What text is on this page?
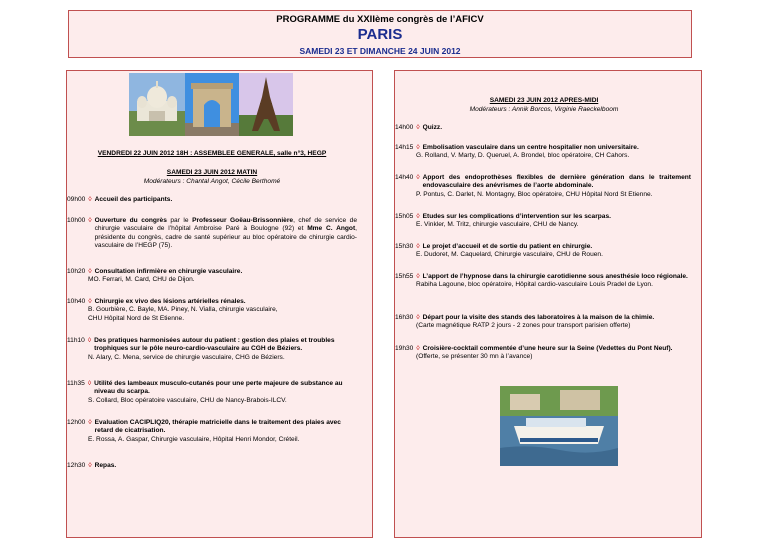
PROGRAMME du XXIIème congrès de l’AFICV
PARIS
SAMEDI 23 ET DIMANCHE 24 JUIN 2012
VENDREDI 22 JUIN 2012 18H : ASSEMBLEE GENERALE, salle n°3, HEGP
SAMEDI 23 JUIN 2012 MATIN
Modérateurs : Chantal Angot, Cécile Berthomé
09h00 ◊ Accueil des participants.
10h00 ◊ Ouverture du congrès par le Professeur Goëau-Brissonnière, chef de service de chirurgie vasculaire de l’hôpital Ambroise Paré à Boulogne (92) et Mme C. Angot, présidente du congrès, cadre de santé supérieur au bloc opératoire de chirurgie cardio-vasculaire de l’HEGP (75).
10h20 ◊ Consultation infirmière en chirurgie vasculaire.
MO. Ferrari, M. Card, CHU de Dijon.
10h40 ◊ Chirurgie ex vivo des lésions artérielles rénales.
B. Gourbière, C. Bayle, MA. Piney, N. Vialla, chirurgie vasculaire,
CHU Hôpital Nord de St Etienne.
11h10 ◊ Des pratiques harmonisées autour du patient : gestion des plaies et troubles trophiques sur le pôle neuro-cardio-vasculaire au CGH de Béziers.
N. Alary, C. Mena, service de chirurgie vasculaire, CHG de Béziers.
11h35 ◊ Utilité des lambeaux musculo-cutanés pour une perte majeure de substance au niveau du scarpa.
S. Collard, Bloc opératoire vasculaire, CHU de Nancy-Brabois-ILCV.
12h00 ◊ Evaluation CACIPLIQ20, thérapie matricielle dans le traitement des plaies avec retard de cicatrisation.
E. Rossa, A. Gaspar, Chirurgie vasculaire, Hôpital Henri Mondor, Créteil.
12h30 ◊ Repas.
SAMEDI 23 JUIN 2012 APRES-MIDI
Modérateurs : Annik Borcos, Virginie Raeckelboom
14h00 ◊ Quizz.
14h15 ◊ Embolisation vasculaire dans un centre hospitalier non universitaire.
G. Rolland, V. Marty, D. Queruel, A. Brondel, bloc opératoire, CH Cahors.
14h40 ◊ Apport des endoprothèses flexibles de dernière génération dans le traitement endovasculaire des anévrismes de l’aorte abdominale.
P. Pontus, C. Darlet, N. Montagny, Bloc opératoire, CHU Hôpital Nord St Etienne.
15h05 ◊ Etudes sur les complications d’intervention sur les scarpas.
E. Vinkler, M. Tritz, chirurgie vasculaire, CHU de Nancy.
15h30 ◊ Le projet d’accueil et de sortie du patient en chirurgie.
E. Dudoret, M. Caquelard, Chirurgie vasculaire, CHU de Rouen.
15h55 ◊ L’apport de l’hypnose dans la chirurgie carotidienne sous anesthésie loco régionale.
Rabiha Lagoune, bloc opératoire, Hôpital cardio-vasculaire Louis Pradel de Lyon.
16h30 ◊ Départ pour la visite des stands des laboratoires à la maison de la chimie.
(Carte magnétique RATP 2 jours - 2 zones pour transport parisien offerte)
19h30 ◊ Croisière-cocktail commentée d’une heure sur la Seine (Vedettes du Pont Neuf).
(Offerte, se présenter 30 mn à l’avance)
